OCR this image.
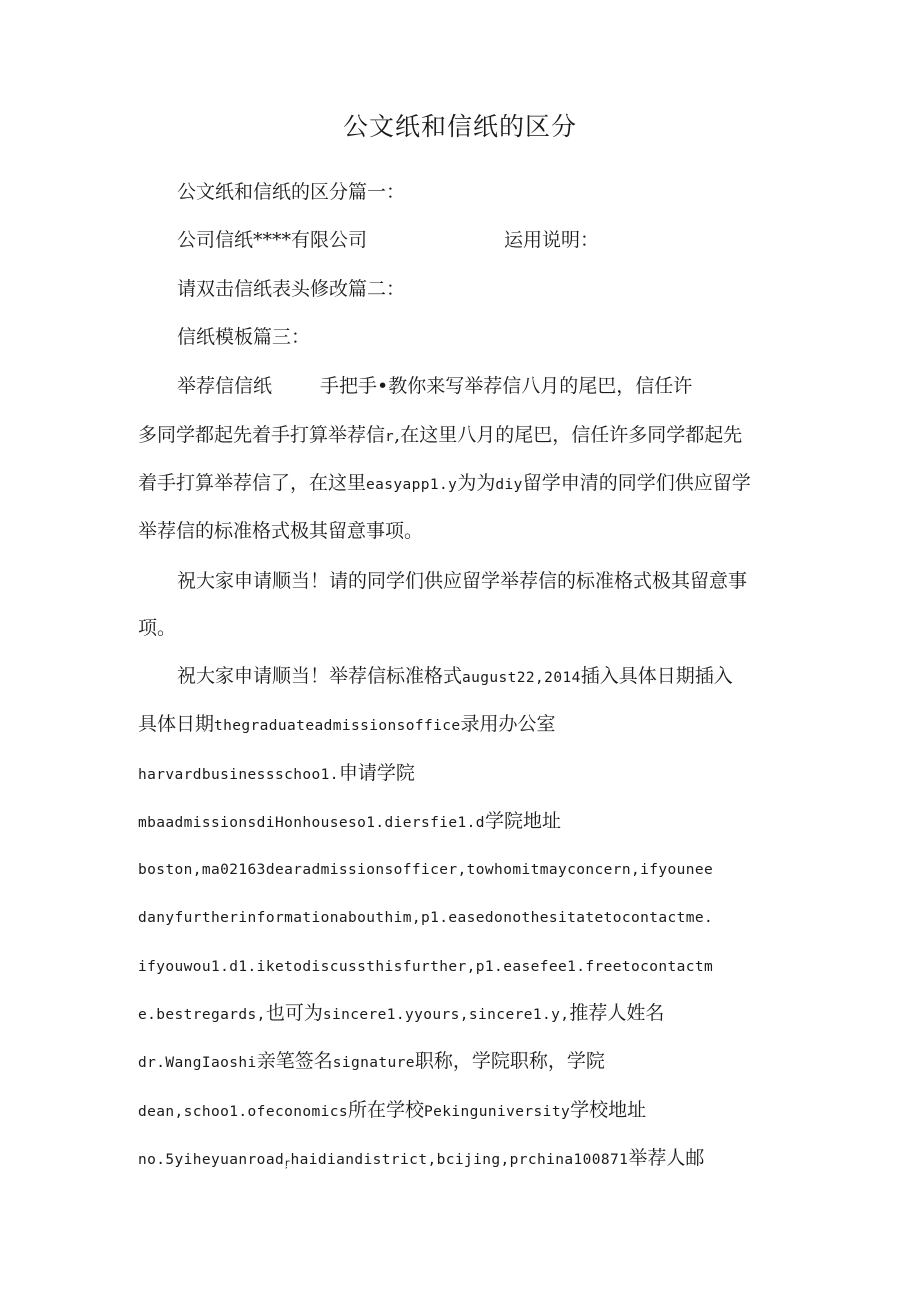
公文纸和信纸的区分
公文纸和信纸的区分篇一：
公司信纸****有限公司	运用说明：
请双击信纸表头修改篇二：
信纸模板篇三：
举荐信信纸	手把手•教你来写举荐信八月的尾巴，信任许
多同学都起先着手打算举荐信r,在这里八月的尾巴，信任许多同学都起先
着手打算举荐信了，在这里easyapp1.y为为diy留学申清的同学们供应留学
举荐信的标准格式极其留意事项。
祝大家申请顺当！请的同学们供应留学举荐信的标准格式极其留意事
项。
祝大家申请顺当！举荐信标准格式august22,2014插入具体日期插入
具体日期thegraduateadmissionsoffice录用办公室
harvardbusinessschoo1.申请学院
mbaadmissionsdiHonhouseso1.diersfie1.d学院地址
boston,ma02163dearadmissionsofficer,towhomitmayconcern,ifyounee
danyfurtherinformationabouthim,p1.easedonothesitatetocontactme.
ifyouwou1.d1.iketodiscussthisfurther,p1.easefee1.freetocontactm
e.bestregards,也可为sincere1.yyours,sincere1.y,推荐人姓名
dr.WangIaoshi亲笔签名signature职称，学院职称，学院
dean,schoo1.ofeconomics所在学校Pekinguniversity学校地址
no.5yiheyuanroadŗhaidiandistrict,bcijing,prchina100871举荐人邮
